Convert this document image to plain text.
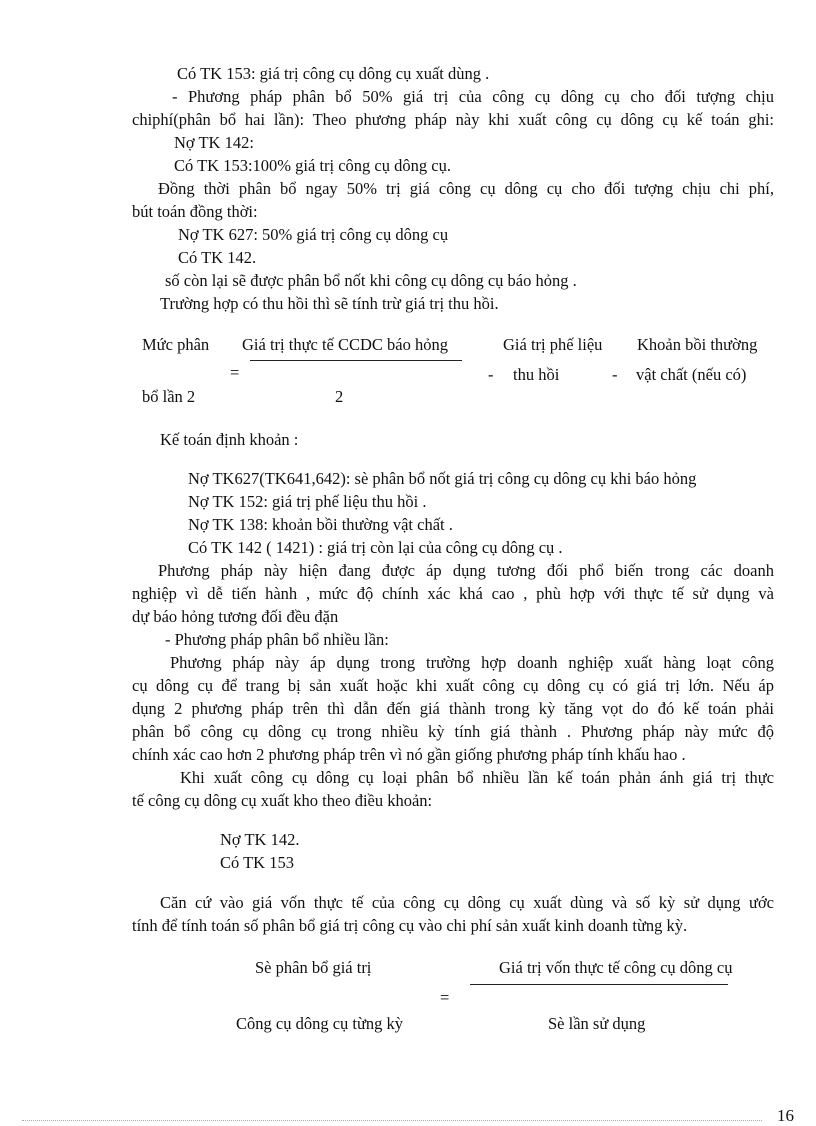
Có TK 153: giá trị công cụ dông cụ xuất dùng .
- Phương pháp phân bổ 50% giá trị của công cụ dông cụ cho đối tượng chịu
chiphí(phân bổ hai lần): Theo phương pháp này khi xuất công cụ dông cụ kế toán ghi:
Nợ TK 142:
Có TK 153:100% giá trị công cụ dông cụ.
Đồng thời phân bổ ngay 50% trị giá công cụ dông cụ cho đối tượng chịu chi phí,
bút toán đồng thời:
Nợ TK 627: 50% giá trị công cụ dông cụ
Có TK 142.
số còn lại sẽ được phân bổ nốt khi công cụ dông cụ báo hỏng .
Trường hợp có thu hồi thì sẽ tính trừ giá trị thu hồi.
Mức phân
bổ lần 2
=
Giá trị thực tế CCDC báo hỏng
2
-
Giá trị phế liệu
thu hồi	-
Khoản bồi thường
vật chất (nếu có)
Kế toán định khoản :
Nợ TK627(TK641,642): sè phân bổ nốt giá trị công cụ dông cụ khi báo hỏng
Nợ TK 152: giá trị phế liệu thu hồi .
Nợ TK 138: khoản bồi thường vật chất .
Có TK 142 ( 1421) : giá trị còn lại của công cụ dông cụ .
Phương pháp này hiện đang được áp dụng tương đối phổ biến trong các doanh
nghiệp vì dễ tiến hành , mức độ chính xác khá cao , phù hợp với thực tế sử dụng và
dự báo hỏng tương đối đều đặn
- Phương pháp phân bổ nhiều lần:
Phương pháp này áp dụng trong trường hợp doanh nghiệp xuất hàng loạt công
cụ dông cụ để trang bị sản xuất hoặc khi xuất công cụ dông cụ có giá trị lớn. Nếu áp
dụng 2 phương pháp trên thì dẫn đến giá thành trong kỳ tăng vọt do đó kế toán phải
phân bổ công cụ dông cụ trong nhiều kỳ tính giá thành . Phương pháp này mức độ
chính xác cao hơn 2 phương pháp trên vì nó gần giống phương pháp tính khấu hao .
Khi xuất công cụ dông cụ loại phân bổ nhiều lần kế toán phản ánh giá trị thực
tế công cụ dông cụ xuất kho theo điều khoản:
Nợ TK 142.
Có TK 153
Căn cứ vào giá vốn thực tế của công cụ dông cụ xuất dùng và số kỳ sử dụng ước
tính để tính toán số phân bổ giá trị công cụ vào chi phí sản xuất kinh doanh từng kỳ.
Sè phân bổ giá trị
Công cụ dông cụ từng kỳ
=
Giá trị vốn thực tế công cụ dông cụ
Sè lần sử dụng
16
